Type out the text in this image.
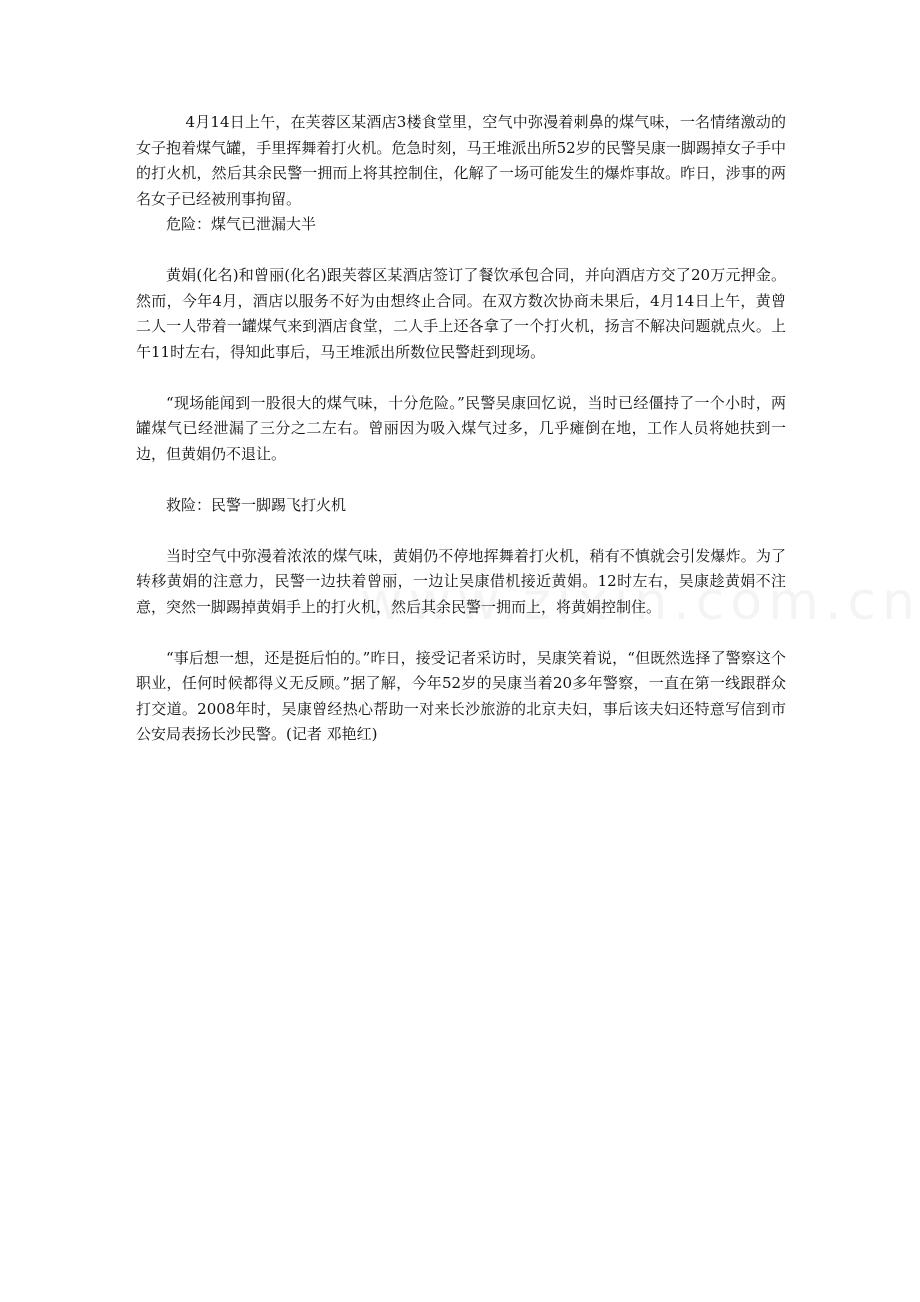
4月14日上午，在芙蓉区某酒店3楼食堂里，空气中弥漫着刺鼻的煤气味，一名情绪激动的女子抱着煤气罐，手里挥舞着打火机。危急时刻，马王堆派出所52岁的民警吴康一脚踢掉女子手中的打火机，然后其余民警一拥而上将其控制住，化解了一场可能发生的爆炸事故。昨日，涉事的两名女子已经被刑事拘留。

危险：煤气已泄漏大半

黄娟(化名)和曾丽(化名)跟芙蓉区某酒店签订了餐饮承包合同，并向酒店方交了20万元押金。然而，今年4月，酒店以服务不好为由想终止合同。在双方数次协商未果后，4月14日上午，黄曾二人一人带着一罐煤气来到酒店食堂，二人手上还各拿了一个打火机，扬言不解决问题就点火。上午11时左右，得知此事后，马王堆派出所数位民警赶到现场。

“现场能闻到一股很大的煤气味，十分危险。”民警吴康回忆说，当时已经僵持了一个小时，两罐煤气已经泄漏了三分之二左右。曾丽因为吸入煤气过多，几乎瘫倒在地，工作人员将她扶到一边，但黄娟仍不退让。

救险：民警一脚踢飞打火机

当时空气中弥漫着浓浓的煤气味，黄娟仍不停地挥舞着打火机，稍有不慎就会引发爆炸。为了转移黄娟的注意力，民警一边扶着曾丽，一边让吴康借机接近黄娟。12时左右，吴康趁黄娟不注意，突然一脚踢掉黄娟手上的打火机，然后其余民警一拥而上，将黄娟控制住。

“事后想一想，还是挺后怕的。”昨日，接受记者采访时，吴康笑着说，“但既然选择了警察这个职业，任何时候都得义无反顾。”据了解，今年52岁的吴康当着20多年警察，一直在第一线跟群众打交道。2008年时，吴康曾经热心帮助一对来长沙旅游的北京夫妇，事后该夫妇还特意写信到市公安局表扬长沙民警。(记者 邓艳红)
